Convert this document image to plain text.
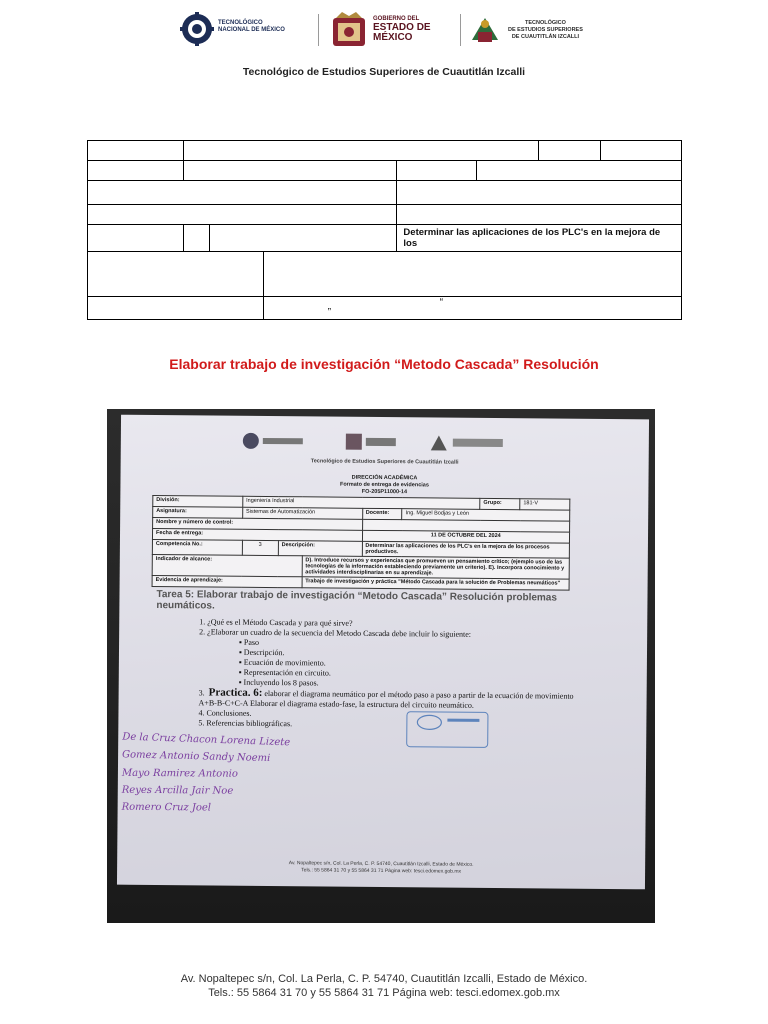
TECNOLÓGICO
NACIONAL DE MÉXICO
GOBIERNO DEL

ESTADO DE
MÉXICO
TECNOLÓGICO
DE ESTUDIOS SUPERIORES
DE CUAUTITLÁN IZCALLI
Tecnológico de Estudios Superiores de Cuautitlán Izcalli

				Determinar las aplicaciones de los PLC's en la mejora de los			

			“
”				
Elaborar trabajo de investigación “Metodo Cascada” Resolución
Tecnológico de Estudios Superiores de Cuautitlán Izcalli
DIRECCIÓN ACADÉMICA
Formato de entrega de evidencias
FO-205P11000-14
División:	Ingeniería Industrial					Grupo:	181-V
Asignatura:	Sistemas de Automatización			Docente:	Ing. Miguel Bodjas y León		
Nombre y número de control:							
Fecha de entrega:				11 DE OCTUBRE DEL 2024			
Competencia No.:	3	Descripción:		Determinar las aplicaciones de los PLC's en la mejora de los procesos productivos.			
Indicador de alcance:			D). Introduce recursos y experiencias que promueven un pensamiento crítico; (ejemplo uso de las tecnologías de la información estableciendo previamente un criterio). E). Incorpora conocimiento y actividades interdisciplinarias en su aprendizaje.				
Evidencia de aprendizaje:			Trabajo de investigación y práctica "Método Cascada para la solución de Problemas neumáticos"				
Tarea 5: Elaborar trabajo de investigación “Metodo Cascada” Resolución problemas neumáticos.
1. ¿Qué es el Método Cascada y para qué sirve?
2. ¿Elaborar un cuadro de la secuencia del Metodo Cascada debe incluir lo siguiente:
▪ Paso
▪ Descripción.
▪ Ecuación de movimiento.
▪ Representación en circuito.
▪ Incluyendo los 8 pasos.
3. Practica. 6: elaborar el diagrama neumático por el método paso a paso a partir de la ecuación de movimiento A+B-B-C+C-A Elaborar el diagrama estado-fase, la estructura del circuito neumático.
4. Conclusiones.
5. Referencias bibliográficas.
De la Cruz Chacon Lorena Lizete
Gomez Antonio Sandy Noemi
Mayo Ramirez Antonio
Reyes Arcilla Jair Noe
Romero Cruz Joel
Av. Nopaltepec s/n, Col. La Perla, C. P. 54740, Cuautitlán Izcalli, Estado de México.
Tels.: 55 5864 31 70 y 55 5864 31 71 Página web: tesci.edomex.gob.mx
Av. Nopaltepec s/n, Col. La Perla, C. P. 54740, Cuautitlán Izcalli, Estado de México.
Tels.: 55 5864 31 70 y 55 5864 31 71 Página web: tesci.edomex.gob.mx
